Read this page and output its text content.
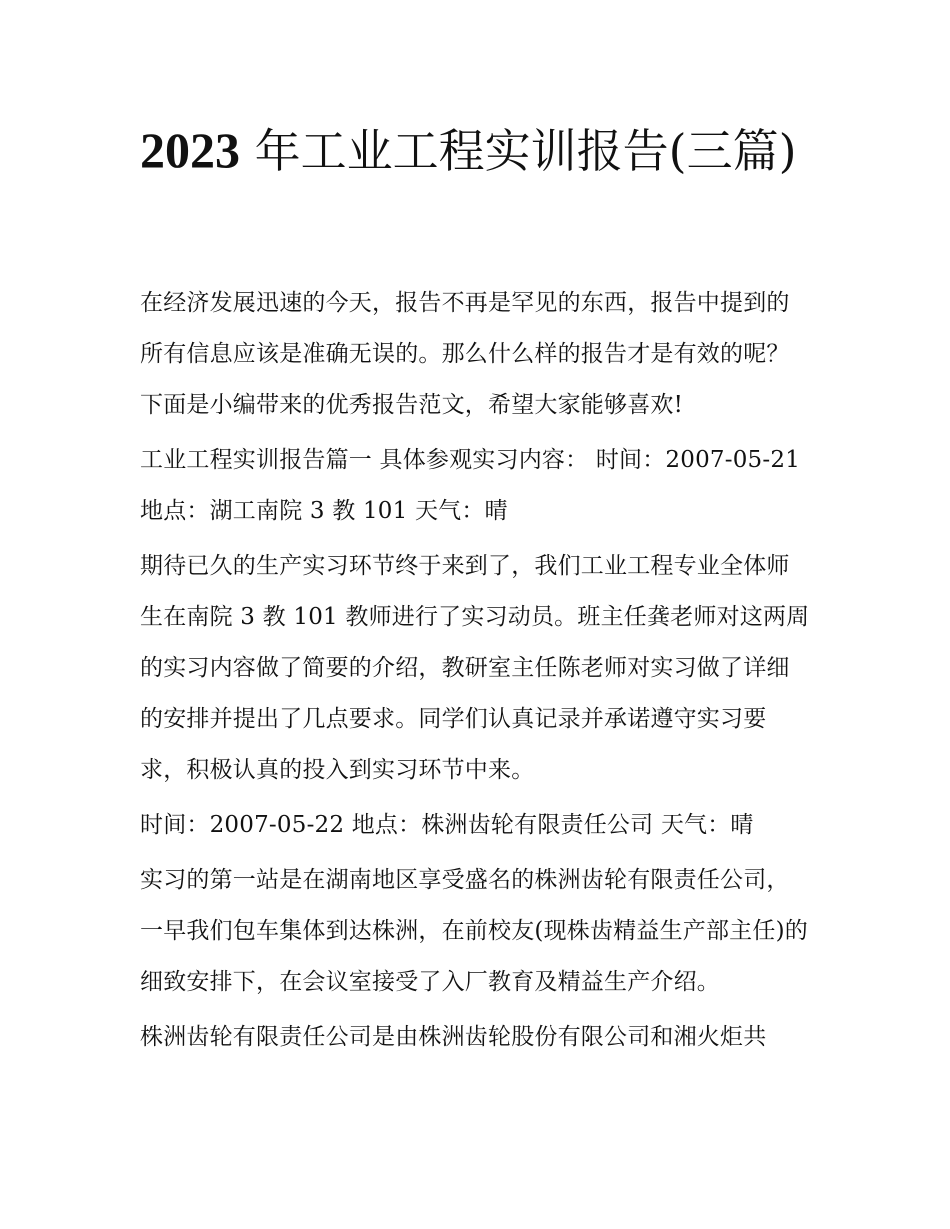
2023 年工业工程实训报告(三篇)

在经济发展迅速的今天，报告不再是罕见的东西，报告中提到的所有信息应该是准确无误的。那么什么样的报告才是有效的呢？下面是小编带来的优秀报告范文，希望大家能够喜欢!

工业工程实训报告篇一 具体参观实习内容： 时间：2007-05-21 地点：湖工南院 3 教 101 天气：晴

期待已久的生产实习环节终于来到了，我们工业工程专业全体师生在南院 3 教 101 教师进行了实习动员。班主任龚老师对这两周的实习内容做了简要的介绍，教研室主任陈老师对实习做了详细的安排并提出了几点要求。同学们认真记录并承诺遵守实习要求，积极认真的投入到实习环节中来。

时间：2007-05-22 地点：株洲齿轮有限责任公司 天气：晴

实习的第一站是在湖南地区享受盛名的株洲齿轮有限责任公司，一早我们包车集体到达株洲，在前校友(现株齿精益生产部主任)的细致安排下，在会议室接受了入厂教育及精益生产介绍。

株洲齿轮有限责任公司是由株洲齿轮股份有限公司和湘火炬共
